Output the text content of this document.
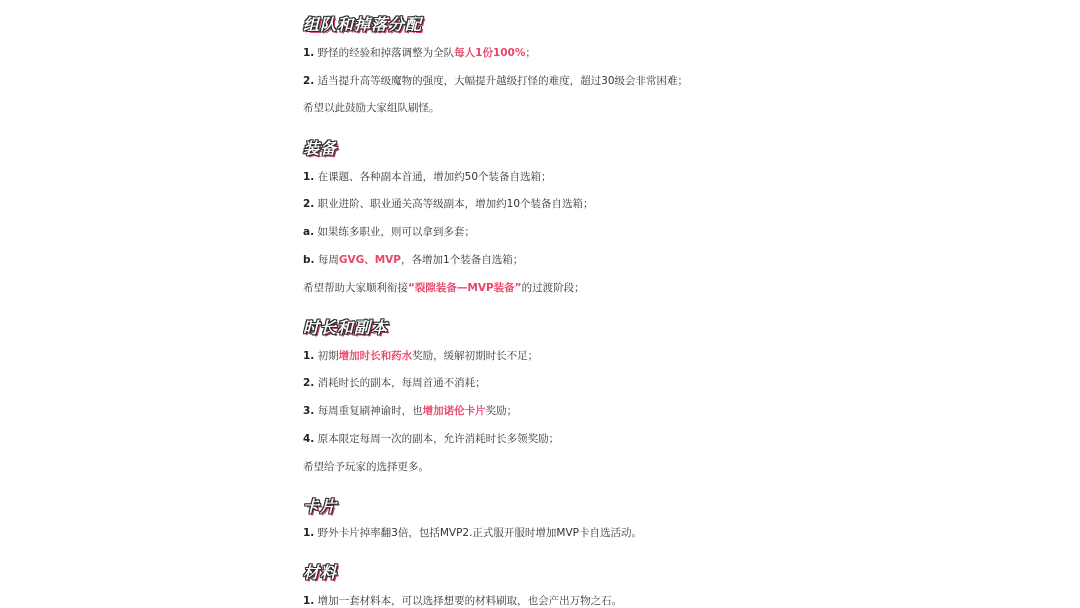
组队和掉落分配
1. 野怪的经验和掉落调整为全队每人1份100%；
2. 适当提升高等级魔物的强度，大幅提升越级打怪的难度，超过30级会非常困难；
希望以此鼓励大家组队刷怪。
装备
1. 在课题、各种副本首通，增加约50个装备自选箱；
2. 职业进阶、职业通关高等级副本，增加约10个装备自选箱；
a. 如果练多职业，则可以拿到多套；
b. 每周GVG、MVP，各增加1个装备自选箱；
希望帮助大家顺利衔接“裂隙装备—MVP装备”的过渡阶段；
时长和副本
1. 初期增加时长和药水奖励，缓解初期时长不足；
2. 消耗时长的副本，每周首通不消耗；
3. 每周重复刷神谕时，也增加诺伦卡片奖励；
4. 原本限定每周一次的副本，允许消耗时长多领奖励；
希望给予玩家的选择更多。
卡片
1. 野外卡片掉率翻3倍，包括MVP2.正式服开服时增加MVP卡自选活动。
材料
1. 增加一套材料本，可以选择想要的材料刷取，也会产出万物之石。
